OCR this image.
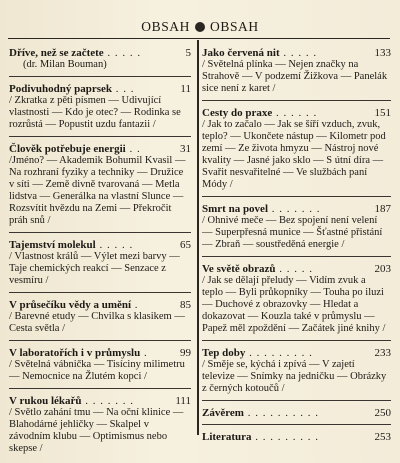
OBSAH OBSAH
Dříve, než se začtete . . . . .	5
(dr. Milan Bouman)
Podivuhodný paprsek . . .	11
/ Zkratka z pěti písmen — Udivující vlastnosti — Kdo je otec? — Rodinka se rozrůstá — Popustit uzdu fantazii /
Člověk potřebuje energii . .	31
/Jméno? — Akademik Bohumil Kvasil — Na rozhraní fyziky a techniky — Družice v síti — Země divně tvarovaná — Metla lidstva — Generálka na vlastní Slunce — Rozsvítit hvězdu na Zemi — Překročit práh snů /
Tajemství molekul . . . . .	65
/ Vlastnost králů — Výlet mezi barvy — Taje chemických reakcí — Senzace z vesmíru /
V průsečíku vědy a umění .	85
/ Barevné etudy — Chvilka s klasikem — Cesta světla /
V laboratořích i v průmyslu .	99
/ Světelná vábnička — Tisíciny milimetru — Nemocnice na Žlutém kopci /
V rukou lékařů . . . . . . .	111
/ Světlo zahání tmu — Na oční klinice — Blahodárné jehličky — Skalpel v závodním klubu — Optimismus nebo skepse /
Jako červená nit . . . . .	133
/ Světelná plínka — Nejen značky na Strahově — V podzemí Žižkova — Panelák sice není z karet /
Cesty do praxe . . . . . .	151
/ Jak to začalo — Jak se šíří vzduch, zvuk, teplo? — Ukončete nástup — Kilometr pod zemí — Ze života hmyzu — Nástroj nové kvality — Jasné jako sklo — S útní díra — Svařit nesvařitelné — Ve službách paní Módy /
Smrt na povel . . . . . . .	187
/ Ohnivé meče — Bez spojení není velení — Superpřesná munice — Šťastné přistání — Zbraň — soustředěná energie /
Ve světě obrazů . . . . .	203
/ Jak se dělají přeludy — Vidím zvuk a teplo — Byli průkopníky — Touha po iluzi — Duchové z obrazovky — Hledat a dokazovat — Kouzla také v průmyslu — Papež měl zpoždění — Začátek jiné knihy /
Tep doby . . . . . . . . .	233
/ Směje se, kýchá i zpívá — V zajetí televize — Snímky na jedničku — Obrázky z černých kotoučů /
Závěrem . . . . . . . . . .	250
Literatura . . . . . . . . .	253
